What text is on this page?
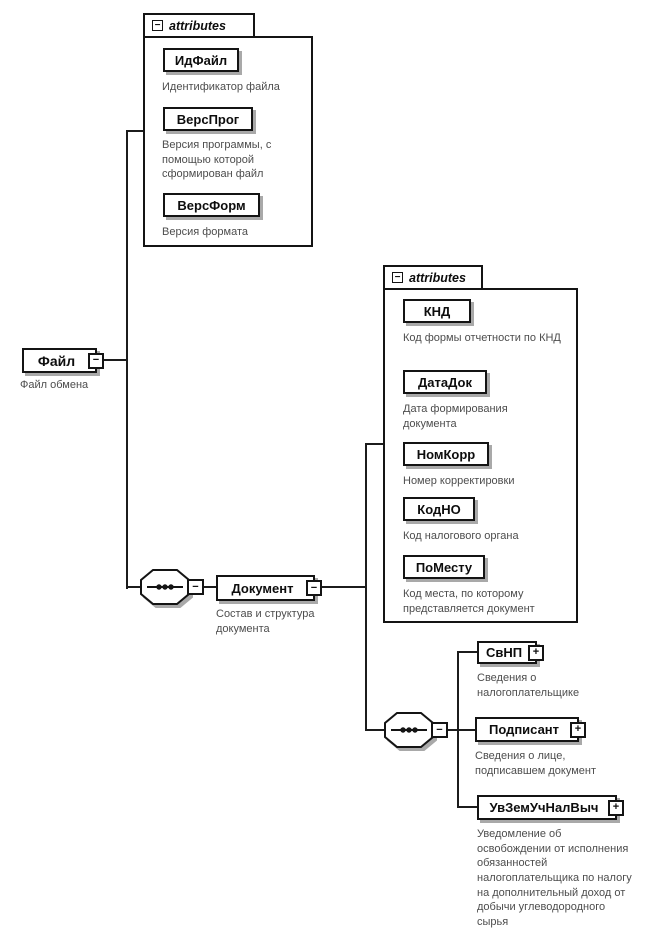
Файл	−
Файл обмена
− attributes
ИдФайл
Идентификатор файла
ВерсПрог
Версия программы, с помощью которой сформирован файл
ВерсФорм
Версия формата
−	Документ	−
Состав и структура документа
− attributes
КНД
Код формы отчетности по КНД
ДатаДок
Дата формирования документа
НомКорр
Номер корректировки
КодНО
Код налогового органа
ПоМесту
Код места, по которому представляется документ
−
СвНП +
Сведения о налогоплательщике
Подписант	+
Сведения о лице, подписавшем документ
УвЗемУчНалВыч	+
Уведомление об освобождении от исполнения обязанностей налогоплательщика по налогу на дополнительный доход от добычи углеводородного сырья
